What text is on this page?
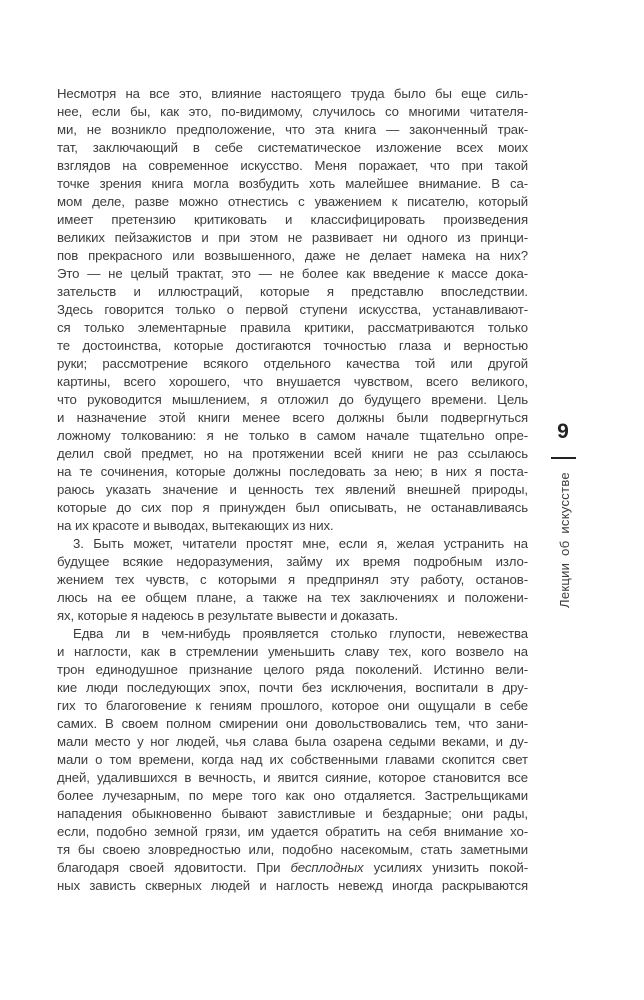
Несмотря на все это, влияние настоящего труда было бы еще силь-
нее, если бы, как это, по-видимому, случилось со многими читателя-
ми, не возникло предположение, что эта книга — законченный трак-
тат, заключающий в себе систематическое изложение всех моих
взглядов на современное искусство. Меня поражает, что при такой
точке зрения книга могла возбудить хоть малейшее внимание. В са-
мом деле, разве можно отнестись с уважением к писателю, который
имеет претензию критиковать и классифицировать произведения
великих пейзажистов и при этом не развивает ни одного из принци-
пов прекрасного или возвышенного, даже не делает намека на них?
Это — не целый трактат, это — не более как введение к массе дока-
зательств и иллюстраций, которые я представлю впоследствии.
Здесь говорится только о первой ступени искусства, устанавливают-
ся только элементарные правила критики, рассматриваются только
те достоинства, которые достигаются точностью глаза и верностью
руки; рассмотрение всякого отдельного качества той или другой
картины, всего хорошего, что внушается чувством, всего великого,
что руководится мышлением, я отложил до будущего времени. Цель
и назначение этой книги менее всего должны были подвергнуться
ложному толкованию: я не только в самом начале тщательно опре-
делил свой предмет, но на протяжении всей книги не раз ссылаюсь
на те сочинения, которые должны последовать за нею; в них я поста-
раюсь указать значение и ценность тех явлений внешней природы,
которые до сих пор я принужден был описывать, не останавливаясь
на их красоте и выводах, вытекающих из них.
3. Быть может, читатели простят мне, если я, желая устранить на
будущее всякие недоразумения, займу их время подробным изло-
жением тех чувств, с которыми я предпринял эту работу, останов-
люсь на ее общем плане, а также на тех заключениях и положени-
ях, которые я надеюсь в результате вывести и доказать.
Едва ли в чем-нибудь проявляется столько глупости, невежества
и наглости, как в стремлении уменьшить славу тех, кого возвело на
трон единодушное признание целого ряда поколений. Истинно вели-
кие люди последующих эпох, почти без исключения, воспитали в дру-
гих то благоговение к гениям прошлого, которое они ощущали в себе
самих. В своем полном смирении они довольствовались тем, что зани-
мали место у ног людей, чья слава была озарена седыми веками, и ду-
мали о том времени, когда над их собственными главами скопится свет
дней, удалившихся в вечность, и явится сияние, которое становится все
более лучезарным, по мере того как оно отдаляется. Застрельщиками
нападения обыкновенно бывают завистливые и бездарные; они рады,
если, подобно земной грязи, им удается обратить на себя внимание хо-
тя бы своею зловредностью или, подобно насекомым, стать заметными
благодаря своей ядовитости. При бесплодных усилиях унизить покой-
ных зависть скверных людей и наглость невежд иногда раскрываются
9
Лекции об искусстве
